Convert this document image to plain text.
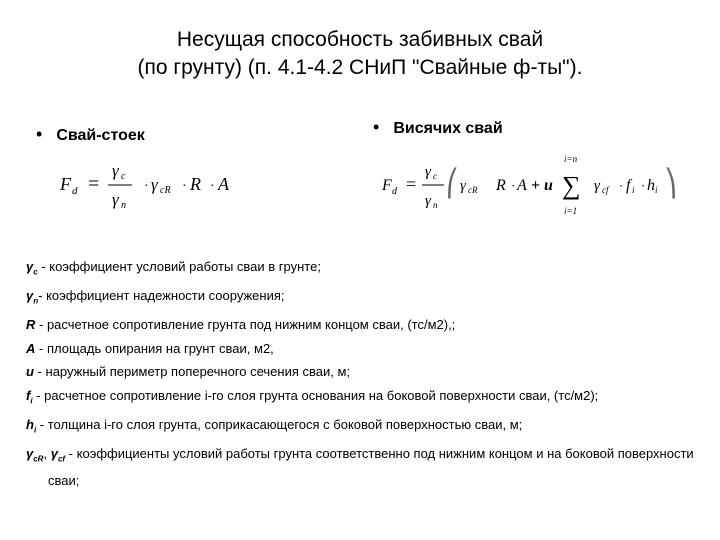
Несущая способность забивных свай
(по грунту) (п. 4.1-4.2 СНиП "Свайные ф-ты").
• Свай-стоек	• Висячих свай
F d =
γ c
γ n
· γ cR · R · A	F d =
γ c
γ n
⎛ γ cR R · A + u
i=n
∑
i=1
γ cf · f i · h i ⎞
$\gamma_c$ - коэффициент условий работы сваи в грунте;
$\gamma_n-$ коэффициент надежности сооружения;
R - расчетное сопротивление грунта под нижним концом сваи, (тс/м2),;
A - площадь опирания на грунт сваи, м2,
u - наружный периметр поперечного сечения сваи, м;
$f_i$ - расчетное сопротивление i-го слоя грунта основания на боковой поверхности сваи, (тс/м2);
$h_i$ - толщина i-го слоя грунта, соприкасающегося с боковой поверхностью сваи, м;
$\gamma_{cR}$, $\gamma_{cf}$ - коэффициенты условий работы грунта соответственно под нижним концом и на боковой поверхности сваи;
